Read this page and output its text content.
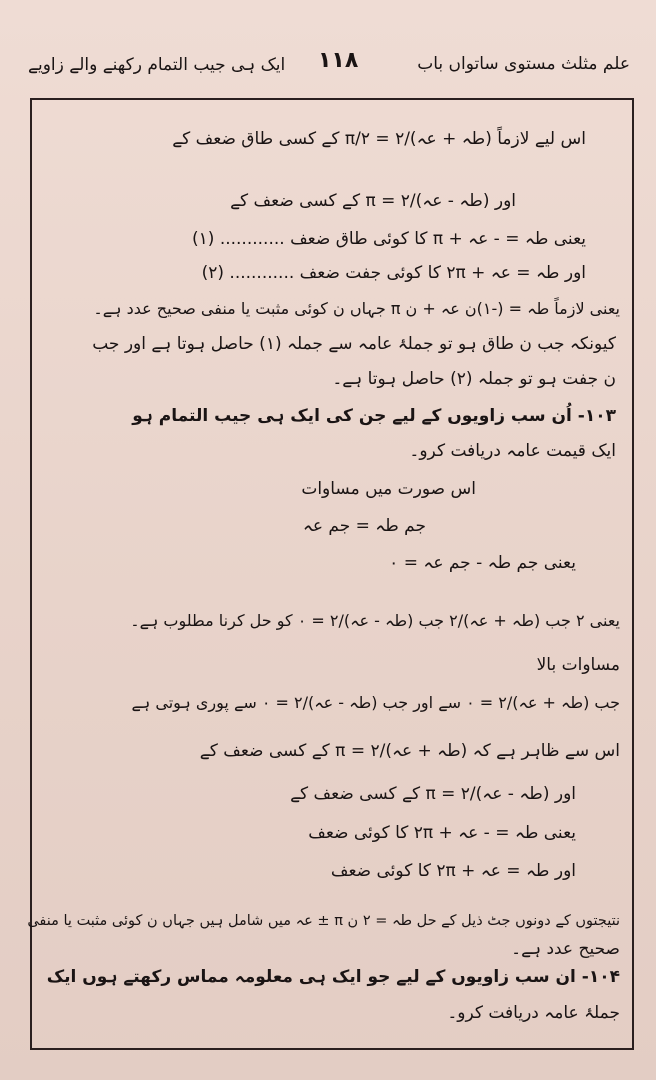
علم مثلث مستوی ساتواں باب
۱۱۸
ایک ہی جیب التمام رکھنے والے زاویے
اس لیے لازماً (طہ + عہ)/۲ = π/۲ کے کسی طاق ضعف کے
اور (طہ - عہ)/۲ = π کے کسی ضعف کے
یعنی طہ = - عہ + π کا کوئی طاق ضعف ............ (۱)
اور طہ = عہ + ۲π کا کوئی جفت ضعف ............ (۲)
یعنی لازماً طہ = (-۱)ن عہ + ن π جہاں ن کوئی مثبت یا منفی صحیح عدد ہے۔
کیونکہ جب ن طاق ہو تو جملۂ عامہ سے جملہ (۱) حاصل ہوتا ہے اور جب
ن جفت ہو تو جملہ (۲) حاصل ہوتا ہے۔
۱۰۳- اُن سب زاویوں کے لیے جن کی ایک ہی جیب التمام ہو
ایک قیمت عامہ دریافت کرو۔
اس صورت میں مساوات
جم طہ = جم عہ
یعنی جم طہ - جم عہ = ۰
یعنی ۲ جب (طہ + عہ)/۲ جب (طہ - عہ)/۲ = ۰ کو حل کرنا مطلوب ہے۔
مساوات بالا
جب (طہ + عہ)/۲ = ۰ سے اور جب (طہ - عہ)/۲ = ۰ سے پوری ہوتی ہے
اس سے ظاہر ہے کہ (طہ + عہ)/۲ = π کے کسی ضعف کے
اور (طہ - عہ)/۲ = π کے کسی ضعف کے
یعنی طہ = - عہ + ۲π کا کوئی ضعف
اور طہ = عہ + ۲π کا کوئی ضعف
نتیجتوں کے دونوں جٹ ذیل کے حل طہ = ۲ ن π ± عہ میں شامل ہیں جہاں ن کوئی مثبت یا منفی
صحیح عدد ہے۔
۱۰۴- ان سب زاویوں کے لیے جو ایک ہی معلومہ مماس رکھتے ہوں ایک
جملۂ عامہ دریافت کرو۔
